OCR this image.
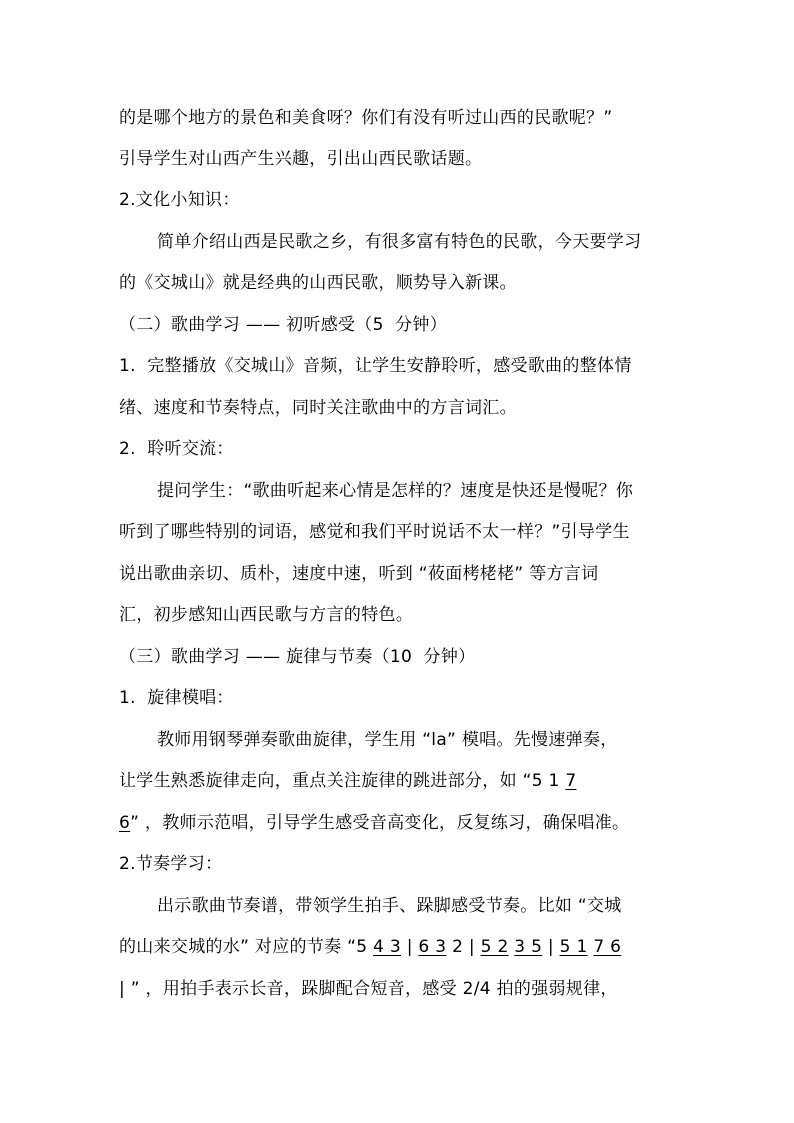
的是哪个地方的景色和美食呀？你们有没有听过山西的民歌呢？”
引导学生对山西产生兴趣，引出山西民歌话题。
2.文化小知识：
简单介绍山西是民歌之乡，有很多富有特色的民歌，今天要学习
的《交城山》就是经典的山西民歌，顺势导入新课。
（二）歌曲学习 —— 初听感受（5  分钟）
1.  完整播放《交城山》音频，让学生安静聆听，感受歌曲的整体情
绪、速度和节奏特点，同时关注歌曲中的方言词汇。
2.  聆听交流：
提问学生：“歌曲听起来心情是怎样的？速度是快还是慢呢？你
听到了哪些特别的词语，感觉和我们平时说话不太一样？”引导学生
说出歌曲亲切、质朴，速度中速，听到 “莜面栲栳栳” 等方言词
汇，初步感知山西民歌与方言的特色。
（三）歌曲学习 —— 旋律与节奏（10  分钟）
1.  旋律模唱：
教师用钢琴弹奏歌曲旋律，学生用 “la” 模唱。先慢速弹奏，
让学生熟悉旋律走向，重点关注旋律的跳进部分，如 “5 1 7
6” ，教师示范唱，引导学生感受音高变化，反复练习，确保唱准。
2.节奏学习：
出示歌曲节奏谱，带领学生拍手、跺脚感受节奏。比如 “交城
的山来交城的水” 对应的节奏 “5 4 3 | 6 3 2 | 5 2 3 5 | 5 1 7 6
| ” ，用拍手表示长音，跺脚配合短音，感受 2/4 拍的强弱规律，
